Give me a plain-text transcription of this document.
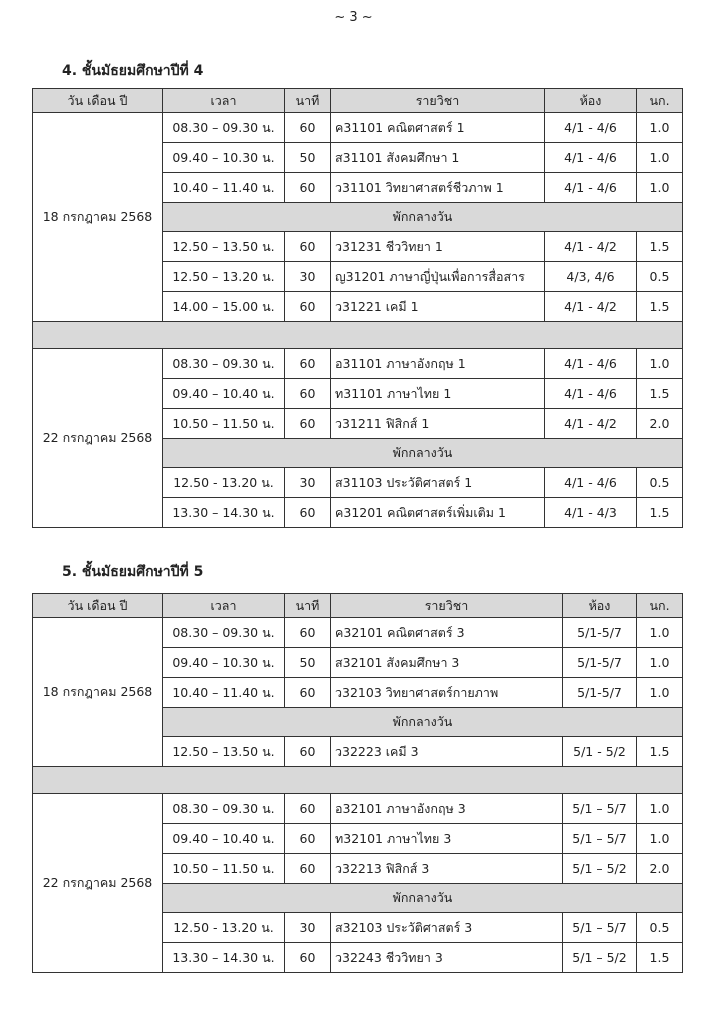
~ 3 ~
4. ชั้นมัธยมศึกษาปีที่ 4
วัน เดือน ปี	เวลา	นาที	รายวิชา	ห้อง	นก.
18 กรกฎาคม 2568	08.30 – 09.30 น.	60	ค31101 คณิตศาสตร์ 1	4/1 - 4/6	1.0
	09.40 – 10.30 น.	50	ส31101 สังคมศึกษา 1	4/1 - 4/6	1.0
	10.40 – 11.40 น.	60	ว31101 วิทยาศาสตร์ชีวภาพ 1	4/1 - 4/6	1.0
	พักกลางวัน				
	12.50 – 13.50 น.	60	ว31231 ชีววิทยา 1	4/1 - 4/2	1.5
	12.50 – 13.20 น.	30	ญ31201 ภาษาญี่ปุ่นเพื่อการสื่อสาร	4/3, 4/6	0.5
	14.00 – 15.00 น.	60	ว31221 เคมี 1	4/1 - 4/2	1.5

22 กรกฎาคม 2568	08.30 – 09.30 น.	60	อ31101 ภาษาอังกฤษ 1	4/1 - 4/6	1.0
	09.40 – 10.40 น.	60	ท31101 ภาษาไทย 1	4/1 - 4/6	1.5
	10.50 – 11.50 น.	60	ว31211 ฟิสิกส์ 1	4/1 - 4/2	2.0
	พักกลางวัน				
	12.50 - 13.20 น.	30	ส31103 ประวัติศาสตร์ 1	4/1 - 4/6	0.5
	13.30 – 14.30 น.	60	ค31201 คณิตศาสตร์เพิ่มเติม 1	4/1 - 4/3	1.5
5. ชั้นมัธยมศึกษาปีที่ 5
วัน เดือน ปี	เวลา	นาที	รายวิชา	ห้อง	นก.
18 กรกฎาคม 2568	08.30 – 09.30 น.	60	ค32101 คณิตศาสตร์ 3	5/1-5/7	1.0
	09.40 – 10.30 น.	50	ส32101 สังคมศึกษา 3	5/1-5/7	1.0
	10.40 – 11.40 น.	60	ว32103 วิทยาศาสตร์กายภาพ	5/1-5/7	1.0
	พักกลางวัน				
	12.50 – 13.50 น.	60	ว32223 เคมี 3	5/1 - 5/2	1.5

22 กรกฎาคม 2568	08.30 – 09.30 น.	60	อ32101 ภาษาอังกฤษ 3	5/1 – 5/7	1.0
	09.40 – 10.40 น.	60	ท32101 ภาษาไทย 3	5/1 – 5/7	1.0
	10.50 – 11.50 น.	60	ว32213 ฟิสิกส์ 3	5/1 – 5/2	2.0
	พักกลางวัน				
	12.50 - 13.20 น.	30	ส32103 ประวัติศาสตร์ 3	5/1 – 5/7	0.5
	13.30 – 14.30 น.	60	ว32243 ชีววิทยา 3	5/1 – 5/2	1.5
